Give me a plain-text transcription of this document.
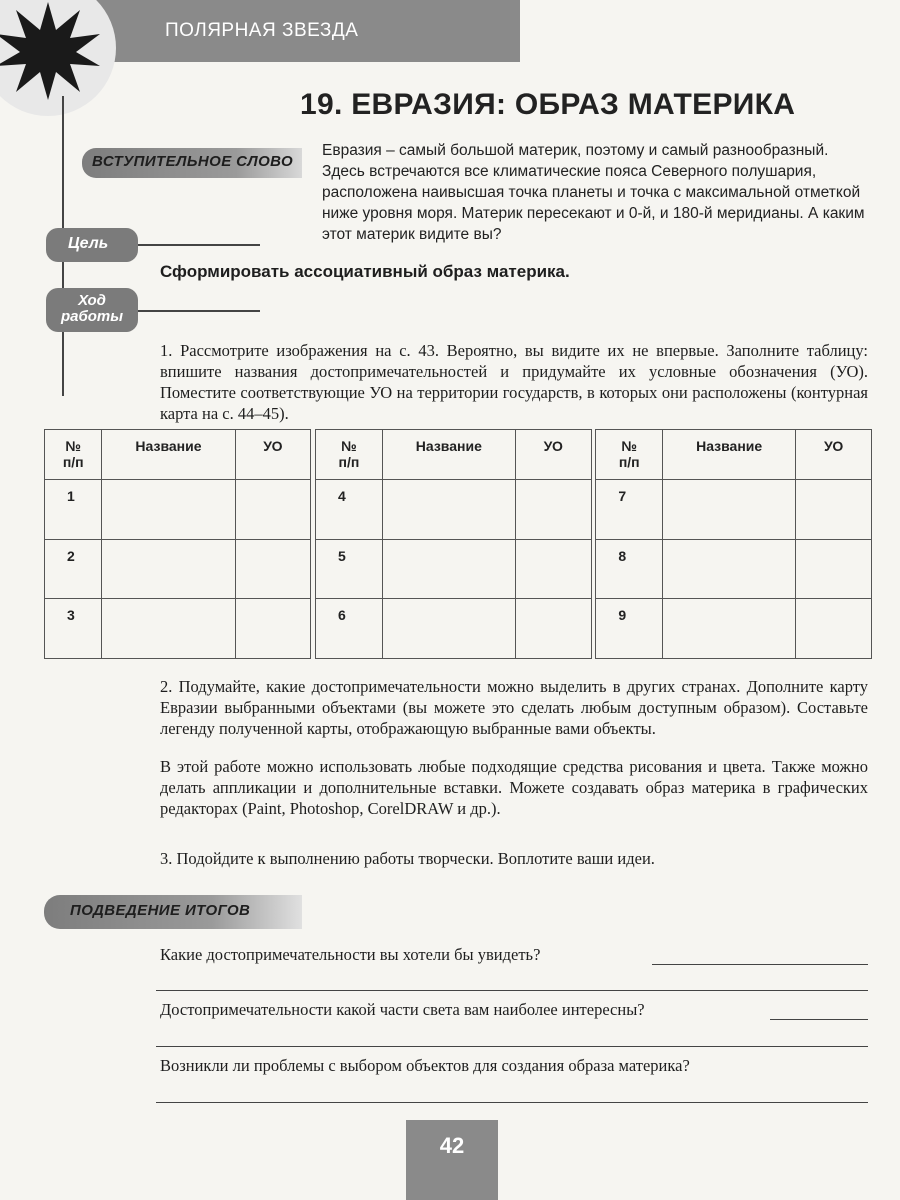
ПОЛЯРНАЯ ЗВЕЗДА
19. ЕВРАЗИЯ: ОБРАЗ МАТЕРИКА
ВСТУПИТЕЛЬНОЕ СЛОВО
Евразия – самый большой материк, поэтому и самый разнообразный. Здесь встречаются все климатические пояса Северного полушария, расположена наивысшая точка планеты и точка с максимальной отметкой ниже уровня моря. Материк пересекают и 0-й, и 180-й меридианы. А каким этот материк видите вы?
Цель
Сформировать ассоциативный образ материка.
Ход
работы
1. Рассмотрите изображения на с. 43. Вероятно, вы видите их не впервые. Заполните таблицу: впишите названия достопримечательностей и придумайте их условные обозначения (УО). Поместите соответствующие УО на территории государств, в которых они расположены (контурная карта на с. 44–45).
№
п/п	Название	УО		№
п/п	Название	УО		№
п/п	Название	УО
1				4				7		
2				5				8		
3				6				9		
2. Подумайте, какие достопримечательности можно выделить в других странах. Дополните карту Евразии выбранными объектами (вы можете это сделать любым доступным образом). Составьте легенду полученной карты, отображающую выбранные вами объекты.
В этой работе можно использовать любые подходящие средства рисования и цвета. Также можно делать аппликации и дополнительные вставки. Можете создавать образ материка в графических редакторах (Paint, Photoshop, CorelDRAW и др.).
3. Подойдите к выполнению работы творчески. Воплотите ваши идеи.
ПОДВЕДЕНИЕ ИТОГОВ
Какие достопримечательности вы хотели бы увидеть?
Достопримечательности какой части света вам наиболее интересны?
Возникли ли проблемы с выбором объектов для создания образа материка?
42
